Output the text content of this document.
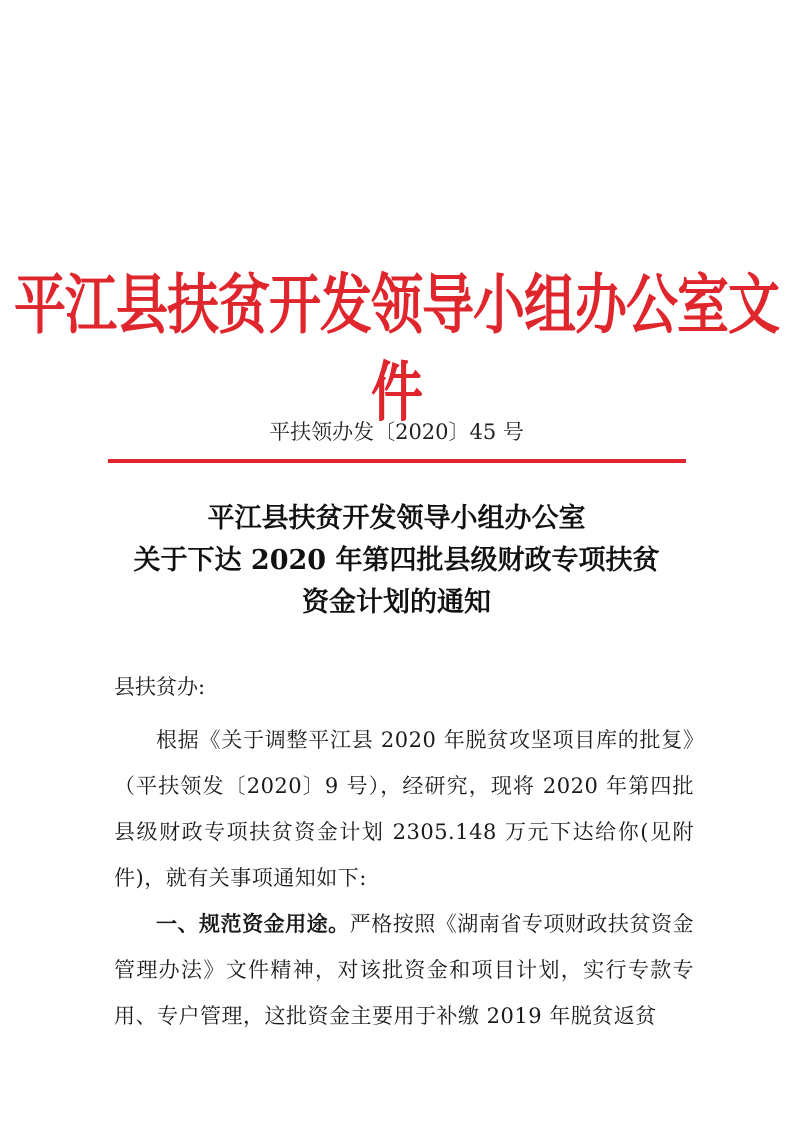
平江县扶贫开发领导小组办公室文件
平扶领办发〔2020〕45 号
平江县扶贫开发领导小组办公室
关于下达 2020 年第四批县级财政专项扶贫
资金计划的通知
县扶贫办:

根据《关于调整平江县 2020 年脱贫攻坚项目库的批复》（平扶领发〔2020〕9 号），经研究，现将 2020 年第四批县级财政专项扶贫资金计划 2305.148 万元下达给你(见附件)，就有关事项通知如下:

一、规范资金用途。严格按照《湖南省专项财政扶贫资金管理办法》文件精神，对该批资金和项目计划，实行专款专用、专户管理，这批资金主要用于补缴 2019 年脱贫返贫
